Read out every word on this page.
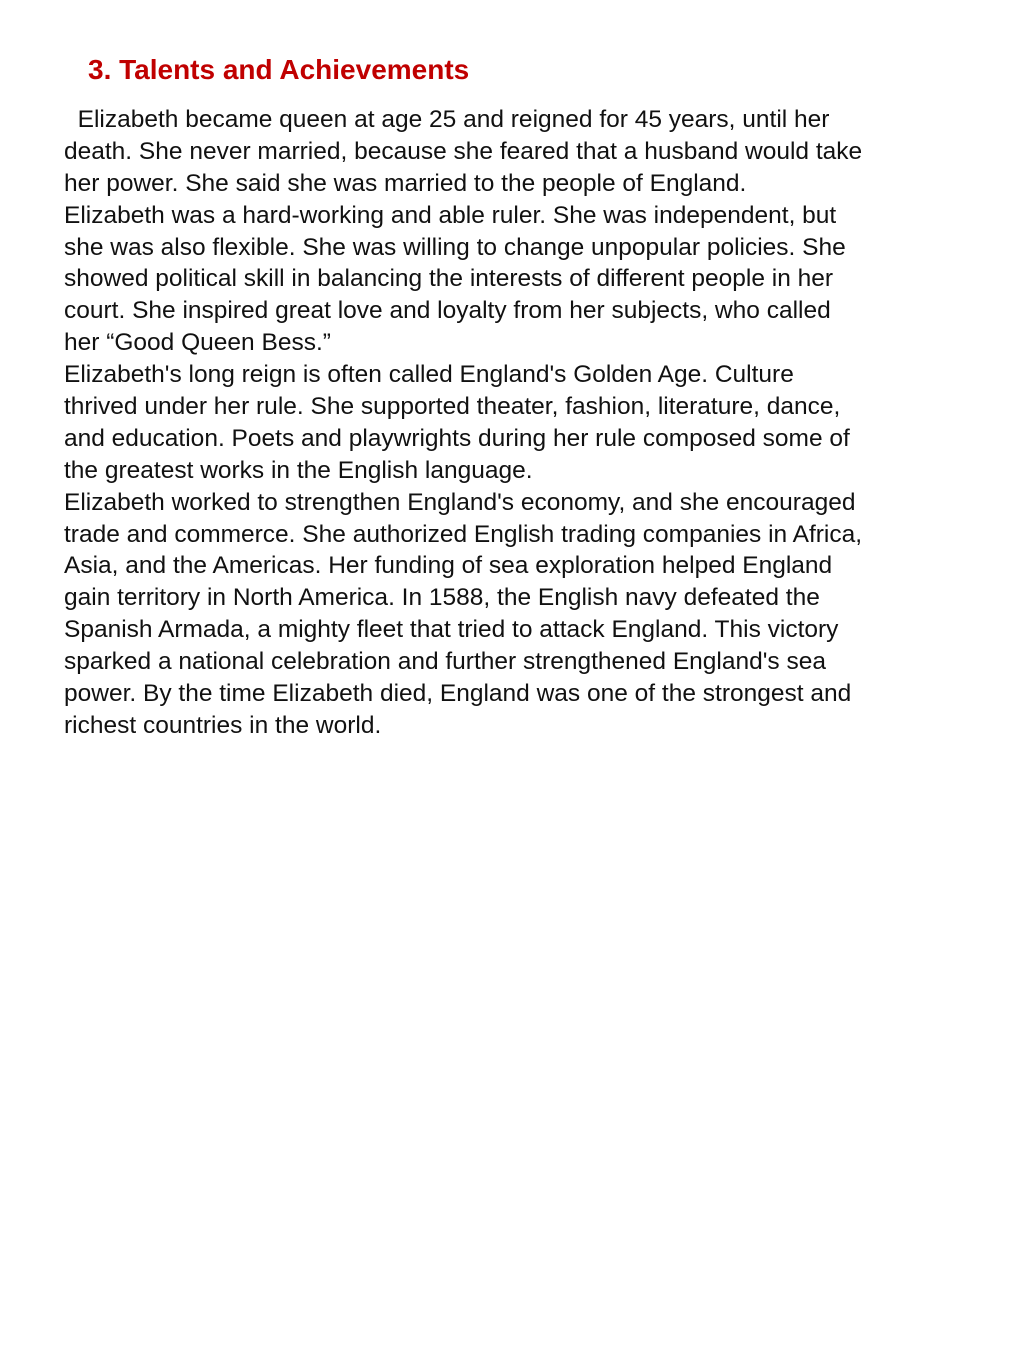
3. Talents and Achievements
Elizabeth became queen at age 25 and reigned for 45 years, until her
death. She never married, because she feared that a husband would take
her power. She said she was married to the people of England.
Elizabeth was a hard-working and able ruler. She was independent, but
she was also flexible. She was willing to change unpopular policies. She
showed political skill in balancing the interests of different people in her
court. She inspired great love and loyalty from her subjects, who called
her “Good Queen Bess.”
Elizabeth's long reign is often called England's Golden Age. Culture
thrived under her rule. She supported theater, fashion, literature, dance,
and education. Poets and playwrights during her rule composed some of
the greatest works in the English language.
Elizabeth worked to strengthen England's economy, and she encouraged
trade and commerce. She authorized English trading companies in Africa,
Asia, and the Americas. Her funding of sea exploration helped England
gain territory in North America. In 1588, the English navy defeated the
Spanish Armada, a mighty fleet that tried to attack England. This victory
sparked a national celebration and further strengthened England's sea
power. By the time Elizabeth died, England was one of the strongest and
richest countries in the world.
